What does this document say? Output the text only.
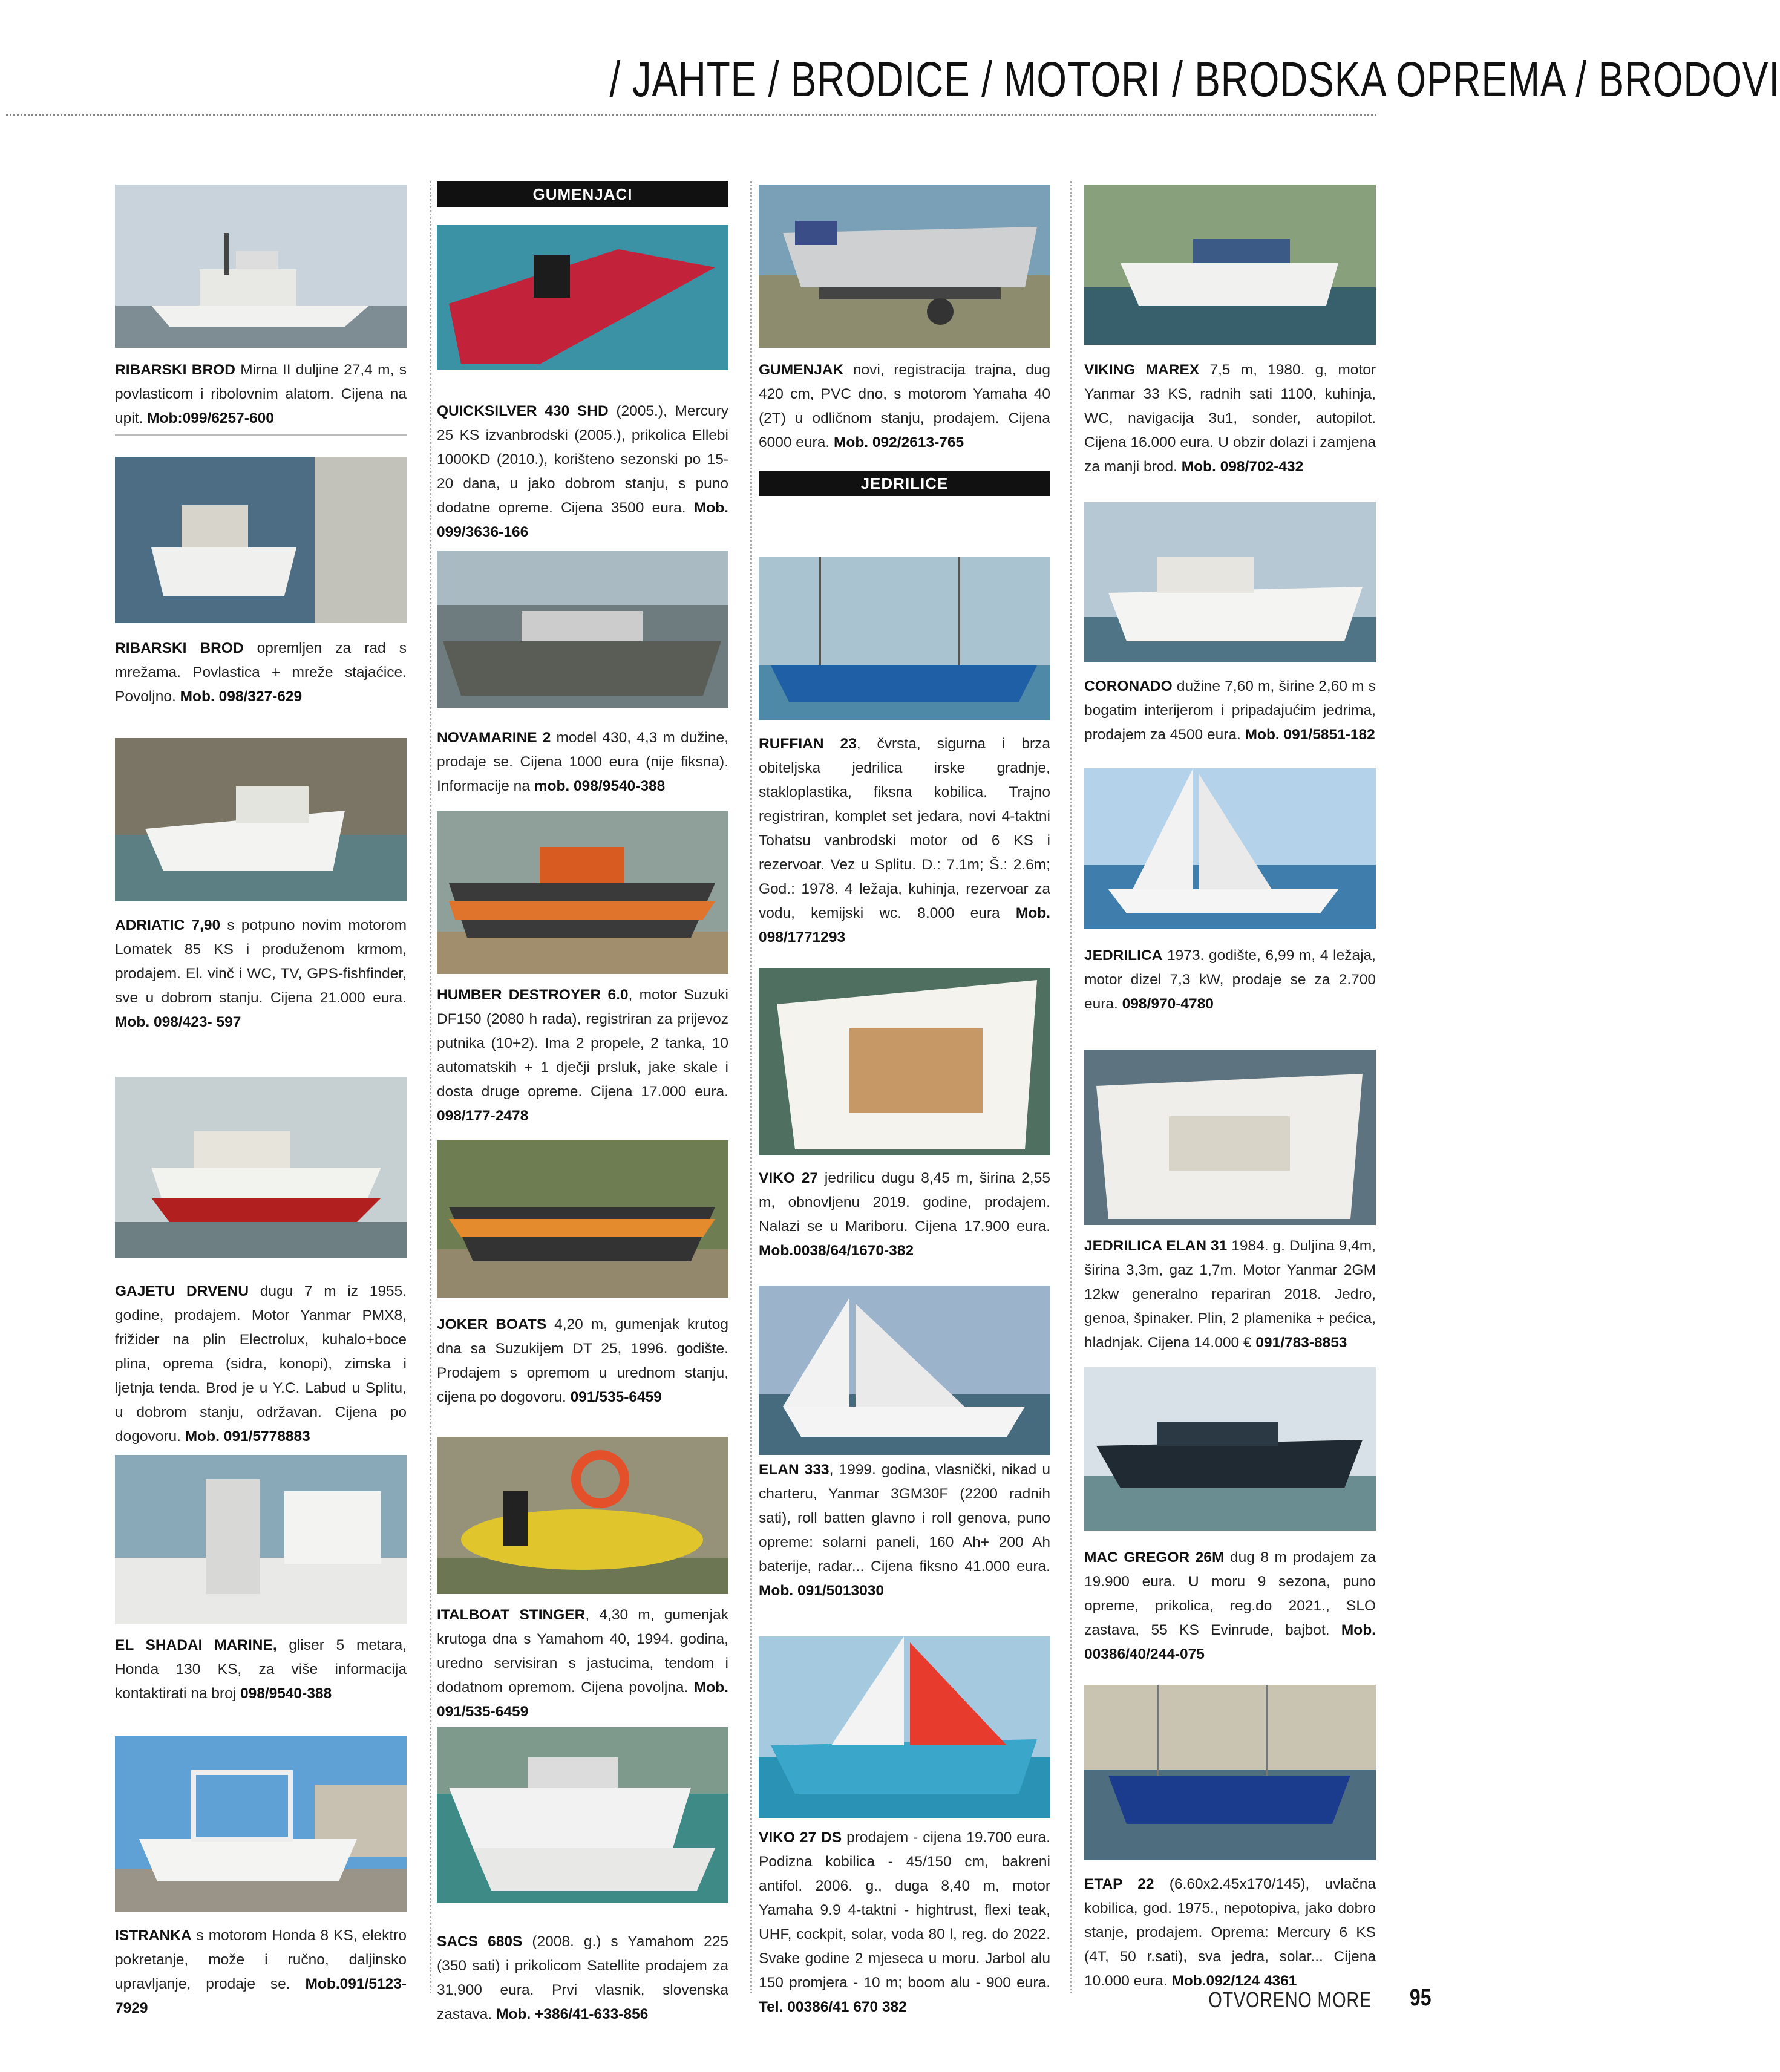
/ JAHTE / BRODICE / MOTORI / BRODSKA OPREMA / BRODOVI
RIBARSKI BROD Mirna II duljine 27,4 m, s povlasticom i ribolovnim alatom. Cijena na upit. Mob:099/6257-600
RIBARSKI BROD opremljen za rad s mrežama. Povlastica + mreže stajaćice. Povoljno. Mob. 098/327-629
ADRIATIC 7,90 s potpuno novim motorom Lomatek 85 KS i produženom krmom, prodajem. El. vinč i WC, TV, GPS-fishfinder, sve u dobrom stanju. Cijena 21.000 eura. Mob. 098/423- 597
GAJETU DRVENU dugu 7 m iz 1955. godine, prodajem. Motor Yanmar PMX8, frižider na plin Electrolux, kuhalo+boce plina, oprema (sidra, konopi), zimska i ljetnja tenda. Brod je u Y.C. Labud u Splitu, u dobrom stanju, održavan. Cijena po dogovoru. Mob. 091/5778883
EL SHADAI MARINE, gliser 5 metara, Honda 130 KS, za više informacija kontaktirati na broj 098/9540-388
ISTRANKA s motorom Honda 8 KS, elektro pokretanje, može i ručno, daljinsko upravljanje, prodaje se. Mob.091/5123-7929
GUMENJACI
QUICKSILVER 430 SHD (2005.), Mercury 25 KS izvanbrodski (2005.), prikolica Ellebi 1000KD (2010.), korišteno sezonski po 15-20 dana, u jako dobrom stanju, s puno dodatne opreme. Cijena 3500 eura. Mob. 099/3636-166
NOVAMARINE 2 model 430, 4,3 m dužine, prodaje se. Cijena 1000 eura (nije fiksna). Informacije na mob. 098/9540-388
HUMBER DESTROYER 6.0, motor Suzuki DF150 (2080 h rada), registriran za prijevoz putnika (10+2). Ima 2 propele, 2 tanka, 10 automatskih + 1 dječji prsluk, jake skale i dosta druge opreme. Cijena 17.000 eura. 098/177-2478
JOKER BOATS 4,20 m, gumenjak krutog dna sa Suzukijem DT 25, 1996. godište. Prodajem s opremom u urednom stanju, cijena po dogovoru. 091/535-6459
ITALBOAT STINGER, 4,30 m, gumenjak krutoga dna s Yamahom 40, 1994. godina, uredno servisiran s jastucima, tendom i dodatnom opremom. Cijena povoljna. Mob. 091/535-6459
SACS 680S (2008. g.) s Yamahom 225 (350 sati) i prikolicom Satellite prodajem za 31,900 eura. Prvi vlasnik, slovenska zastava. Mob. +386/41-633-856
GUMENJAK novi, registracija trajna, dug 420 cm, PVC dno, s motorom Yamaha 40 (2T) u odličnom stanju, prodajem. Cijena 6000 eura. Mob. 092/2613-765
JEDRILICE
RUFFIAN 23, čvrsta, sigurna i brza obiteljska jedrilica irske gradnje, stakloplastika, fiksna kobilica. Trajno registriran, komplet set jedara, novi 4-taktni Tohatsu vanbrodski motor od 6 KS i rezervoar. Vez u Splitu. D.: 7.1m; Š.: 2.6m; God.: 1978. 4 ležaja, kuhinja, rezervoar za vodu, kemijski wc. 8.000 eura Mob. 098/1771293
VIKO 27 jedrilicu dugu 8,45 m, širina 2,55 m, obnovljenu 2019. godine, prodajem. Nalazi se u Mariboru. Cijena 17.900 eura. Mob.0038/64/1670-382
ELAN 333, 1999. godina, vlasnički, nikad u charteru, Yanmar 3GM30F (2200 radnih sati), roll batten glavno i roll genova, puno opreme: solarni paneli, 160 Ah+ 200 Ah baterije, radar... Cijena fiksno 41.000 eura. Mob. 091/5013030
VIKO 27 DS prodajem - cijena 19.700 eura. Podizna kobilica - 45/150 cm, bakreni antifol. 2006. g., duga 8,40 m, motor Yamaha 9.9 4-taktni - hightrust, flexi teak, UHF, cockpit, solar, voda 80 l, reg. do 2022. Svake godine 2 mjeseca u moru. Jarbol alu 150 promjera - 10 m; boom alu - 900 eura. Tel. 00386/41 670 382
VIKING MAREX 7,5 m, 1980. g, motor Yanmar 33 KS, radnih sati 1100, kuhinja, WC, navigacija 3u1, sonder, autopilot. Cijena 16.000 eura. U obzir dolazi i zamjena za manji brod. Mob. 098/702-432
CORONADO dužine 7,60 m, širine 2,60 m s bogatim interijerom i pripadajućim jedrima, prodajem za 4500 eura. Mob. 091/5851-182
JEDRILICA 1973. godište, 6,99 m, 4 ležaja, motor dizel 7,3 kW, prodaje se za 2.700 eura. 098/970-4780
JEDRILICA ELAN 31 1984. g. Duljina 9,4m, širina 3,3m, gaz 1,7m. Motor Yanmar 2GM 12kw generalno repariran 2018. Jedro, genoa, špinaker. Plin, 2 plamenika + pećica, hladnjak. Cijena 14.000 € 091/783-8853
MAC GREGOR 26M dug 8 m prodajem za 19.900 eura. U moru 9 sezona, puno opreme, prikolica, reg.do 2021., SLO zastava, 55 KS Evinrude, bajbot. Mob. 00386/40/244-075
ETAP 22 (6.60x2.45x170/145), uvlačna kobilica, god. 1975., nepotopiva, jako dobro stanje, prodajem. Oprema: Mercury 6 KS (4T, 50 r.sati), sva jedra, solar... Cijena 10.000 eura. Mob.092/124 4361
OTVORENO MORE 95
